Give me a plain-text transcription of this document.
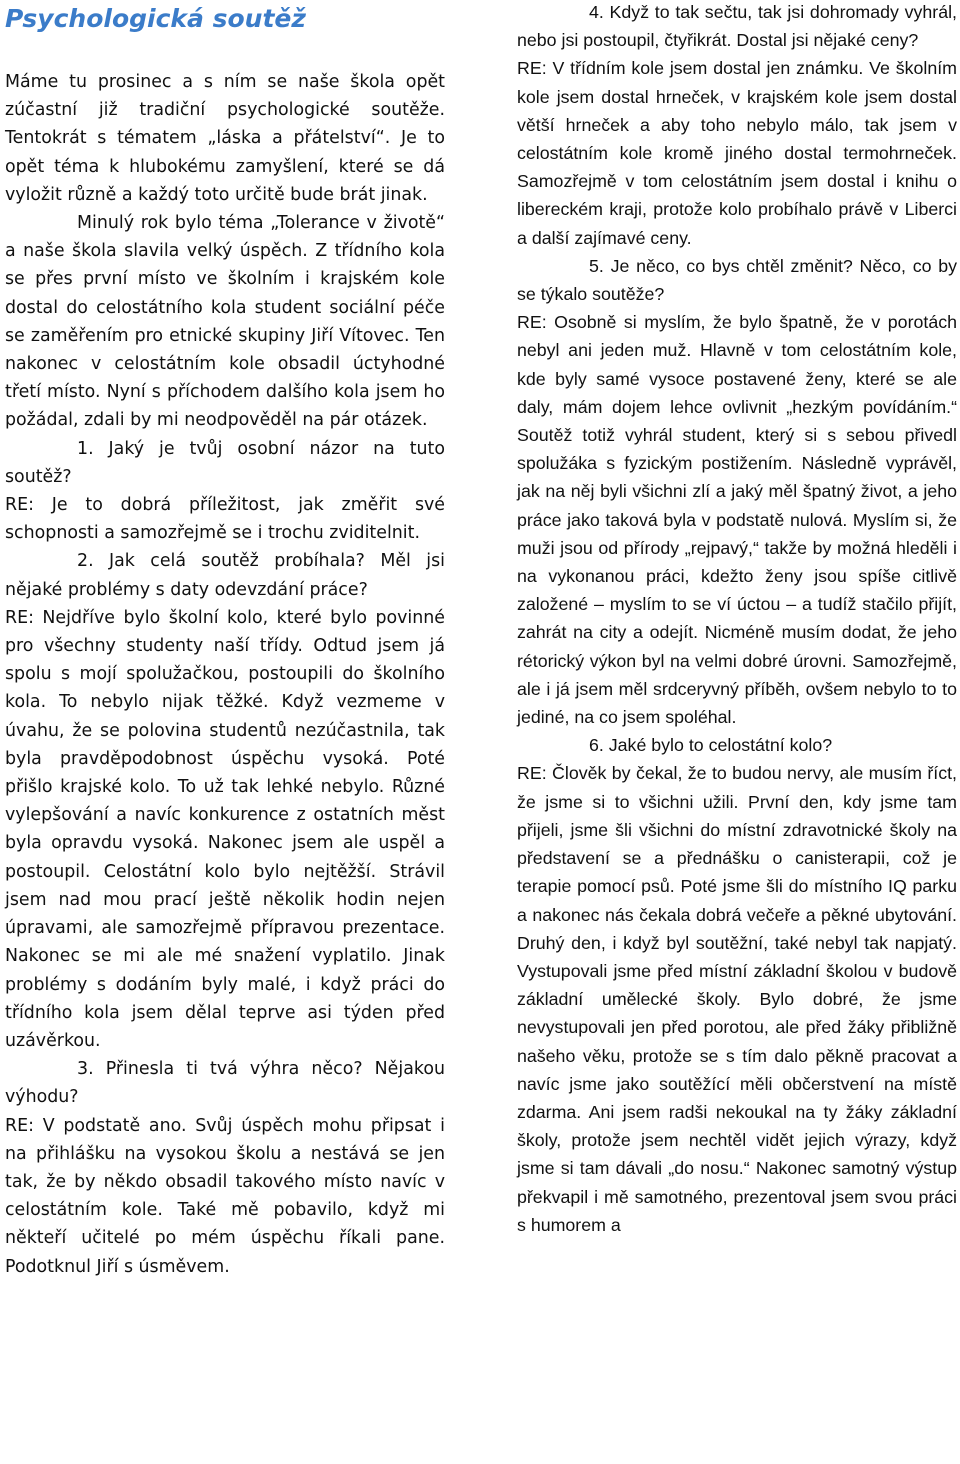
Psychologická soutěž

Máme tu prosinec a s ním se naše škola opět zúčastní již tradiční psychologické soutěže. Tentokrát s tématem „láska a přátelství“. Je to opět téma k hlubokému zamyšlení, které se dá vyložit různě a každý toto určitě bude brát jinak.

Minulý rok bylo téma „Tolerance v životě“ a naše škola slavila velký úspěch. Z třídního kola se přes první místo ve školním i krajském kole dostal do celostátního kola student sociální péče se zaměřením pro etnické skupiny Jiří Vítovec. Ten nakonec v celostátním kole obsadil úctyhodné třetí místo. Nyní s příchodem dalšího kola jsem ho požádal, zdali by mi neodpověděl na pár otázek.

1. Jaký je tvůj osobní názor na tuto soutěž?

RE: Je to dobrá příležitost, jak změřit své schopnosti a samozřejmě se i trochu zviditelnit.

2. Jak celá soutěž probíhala? Měl jsi nějaké problémy s daty odevzdání práce?

RE: Nejdříve bylo školní kolo, které bylo povinné pro všechny studenty naší třídy. Odtud jsem já spolu s mojí spolužačkou, postoupili do školního kola. To nebylo nijak těžké. Když vezmeme v úvahu, že se polovina studentů nezúčastnila, tak byla pravděpodobnost úspěchu vysoká. Poté přišlo krajské kolo. To už tak lehké nebylo. Různé vylepšování a navíc konkurence z ostatních měst byla opravdu vysoká. Nakonec jsem ale uspěl a postoupil. Celostátní kolo bylo nejtěžší. Strávil jsem nad mou prací ještě několik hodin nejen úpravami, ale samozřejmě přípravou prezentace. Nakonec se mi ale mé snažení vyplatilo. Jinak problémy s dodáním byly malé, i když práci do třídního kola jsem dělal teprve asi týden před uzávěrkou.

3. Přinesla ti tvá výhra něco? Nějakou výhodu?

RE: V podstatě ano. Svůj úspěch mohu připsat i na přihlášku na vysokou školu a nestává se jen tak, že by někdo obsadil takového místo navíc v celostátním kole. Také mě pobavilo, když mi někteří učitelé po mém úspěchu říkali pane. Podotknul Jiří s úsměvem.

4. Když to tak sečtu, tak jsi dohromady vyhrál, nebo jsi postoupil, čtyřikrát. Dostal jsi nějaké ceny?

RE: V třídním kole jsem dostal jen známku. Ve školním kole jsem dostal hrneček, v krajském kole jsem dostal větší hrneček a aby toho nebylo málo, tak jsem v celostátním kole kromě jiného dostal termohrneček. Samozřejmě v tom celostátním jsem dostal i knihu o libereckém kraji, protože kolo probíhalo právě v Liberci a další zajímavé ceny.

5. Je něco, co bys chtěl změnit? Něco, co by se týkalo soutěže?

RE: Osobně si myslím, že bylo špatně, že v porotách nebyl ani jeden muž. Hlavně v tom celostátním kole, kde byly samé vysoce postavené ženy, které se ale daly, mám dojem lehce ovlivnit „hezkým povídáním.“ Soutěž totiž vyhrál student, který si s sebou přivedl spolužáka s fyzickým postižením. Následně vyprávěl, jak na něj byli všichni zlí a jaký měl špatný život, a jeho práce jako taková byla v podstatě nulová. Myslím si, že muži jsou od přírody „rejpavý,“ takže by možná hleděli i na vykonanou práci, kdežto ženy jsou spíše citlivě založené – myslím to se ví úctou – a tudíž stačilo přijít, zahrát na city a odejít. Nicméně musím dodat, že jeho rétorický výkon byl na velmi dobré úrovni. Samozřejmě, ale i já jsem měl srdceryvný příběh, ovšem nebylo to to jediné, na co jsem spoléhal.

6. Jaké bylo to celostátní kolo?

RE: Člověk by čekal, že to budou nervy, ale musím říct, že jsme si to všichni užili. První den, kdy jsme tam přijeli, jsme šli všichni do místní zdravotnické školy na představení se a přednášku o canisterapii, což je terapie pomocí psů. Poté jsme šli do místního IQ parku a nakonec nás čekala dobrá večeře a pěkné ubytování. Druhý den, i když byl soutěžní, také nebyl tak napjatý. Vystupovali jsme před místní základní školou v budově základní umělecké školy. Bylo dobré, že jsme nevystupovali jen před porotou, ale před žáky přibližně našeho věku, protože se s tím dalo pěkně pracovat a navíc jsme jako soutěžící měli občerstvení na místě zdarma. Ani jsem radši nekoukal na ty žáky základní školy, protože jsem nechtěl vidět jejich výrazy, když jsme si tam dávali „do nosu.“ Nakonec samotný výstup překvapil i mě samotného, prezentoval jsem svou práci s humorem a
